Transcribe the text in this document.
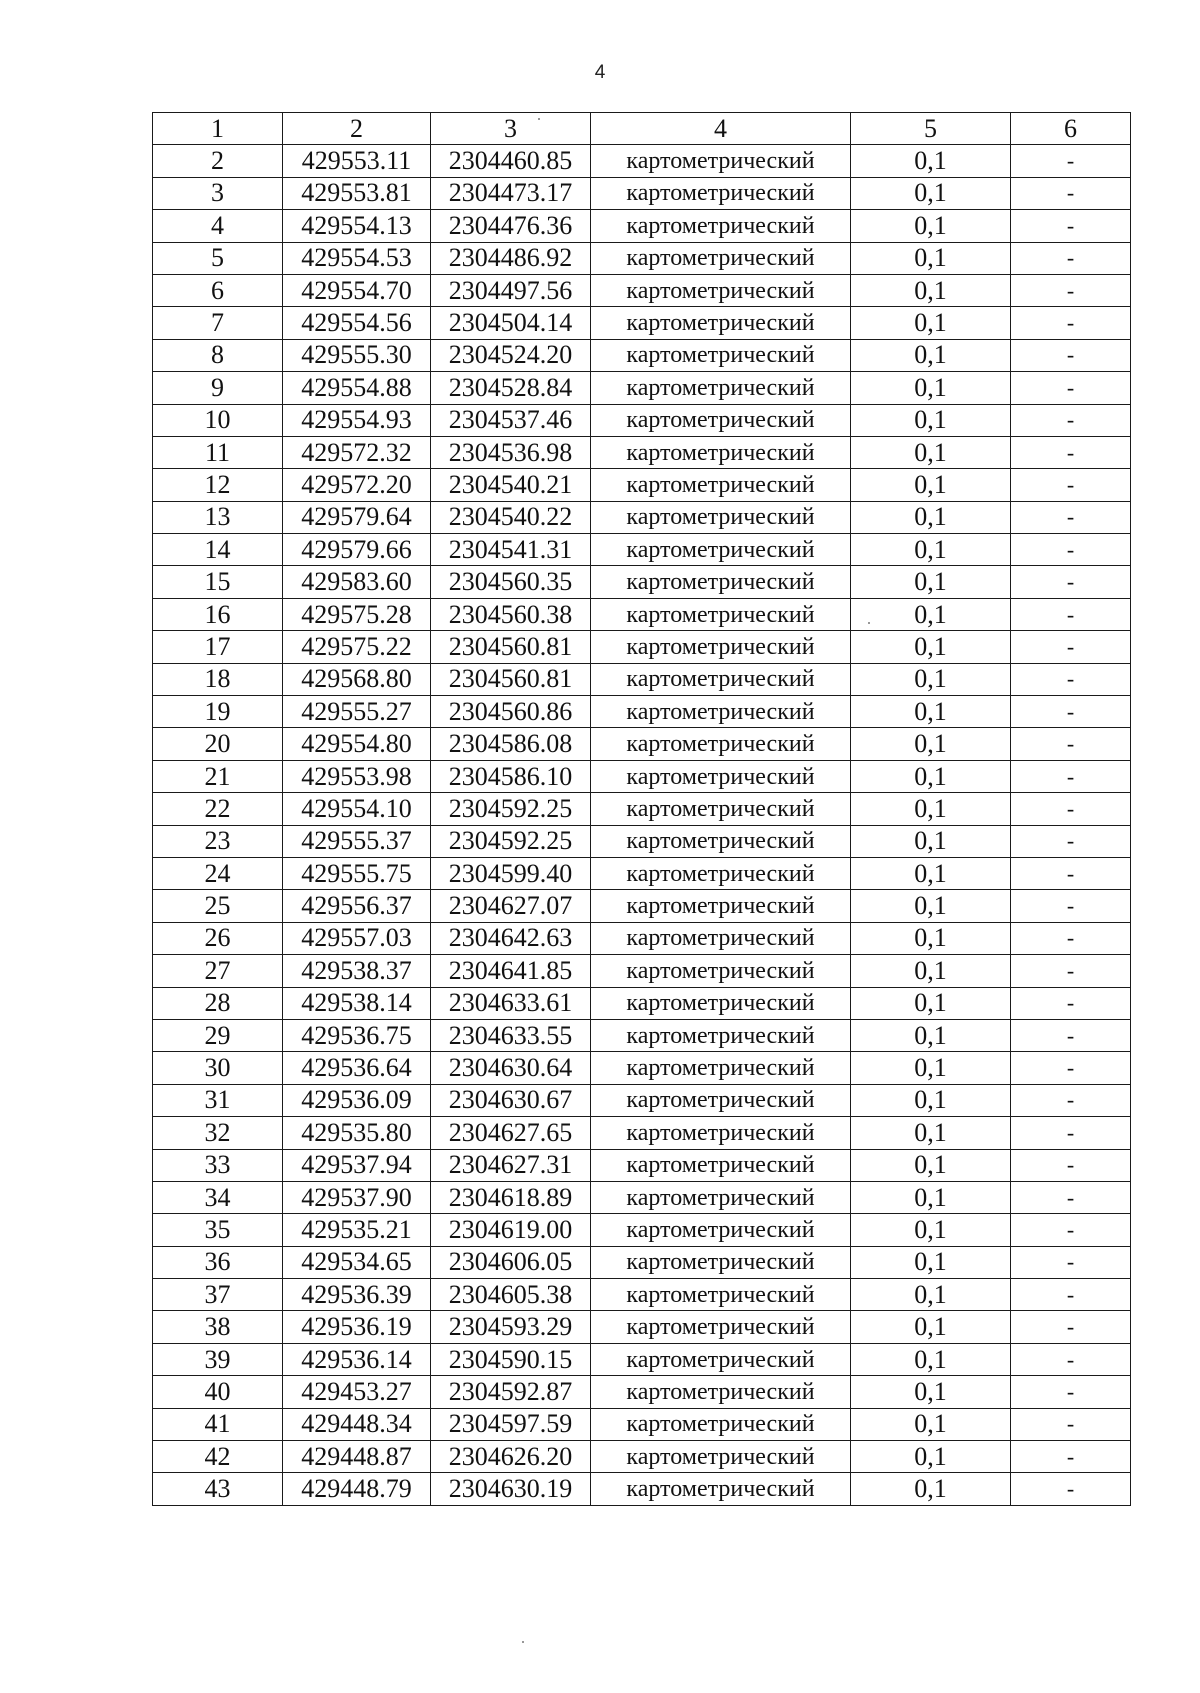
4
1	2	3	4	5	6
2	429553.11	2304460.85	картометрический	0,1	-
3	429553.81	2304473.17	картометрический	0,1	-
4	429554.13	2304476.36	картометрический	0,1	-
5	429554.53	2304486.92	картометрический	0,1	-
6	429554.70	2304497.56	картометрический	0,1	-
7	429554.56	2304504.14	картометрический	0,1	-
8	429555.30	2304524.20	картометрический	0,1	-
9	429554.88	2304528.84	картометрический	0,1	-
10	429554.93	2304537.46	картометрический	0,1	-
11	429572.32	2304536.98	картометрический	0,1	-
12	429572.20	2304540.21	картометрический	0,1	-
13	429579.64	2304540.22	картометрический	0,1	-
14	429579.66	2304541.31	картометрический	0,1	-
15	429583.60	2304560.35	картометрический	0,1	-
16	429575.28	2304560.38	картометрический	0,1	-
17	429575.22	2304560.81	картометрический	0,1	-
18	429568.80	2304560.81	картометрический	0,1	-
19	429555.27	2304560.86	картометрический	0,1	-
20	429554.80	2304586.08	картометрический	0,1	-
21	429553.98	2304586.10	картометрический	0,1	-
22	429554.10	2304592.25	картометрический	0,1	-
23	429555.37	2304592.25	картометрический	0,1	-
24	429555.75	2304599.40	картометрический	0,1	-
25	429556.37	2304627.07	картометрический	0,1	-
26	429557.03	2304642.63	картометрический	0,1	-
27	429538.37	2304641.85	картометрический	0,1	-
28	429538.14	2304633.61	картометрический	0,1	-
29	429536.75	2304633.55	картометрический	0,1	-
30	429536.64	2304630.64	картометрический	0,1	-
31	429536.09	2304630.67	картометрический	0,1	-
32	429535.80	2304627.65	картометрический	0,1	-
33	429537.94	2304627.31	картометрический	0,1	-
34	429537.90	2304618.89	картометрический	0,1	-
35	429535.21	2304619.00	картометрический	0,1	-
36	429534.65	2304606.05	картометрический	0,1	-
37	429536.39	2304605.38	картометрический	0,1	-
38	429536.19	2304593.29	картометрический	0,1	-
39	429536.14	2304590.15	картометрический	0,1	-
40	429453.27	2304592.87	картометрический	0,1	-
41	429448.34	2304597.59	картометрический	0,1	-
42	429448.87	2304626.20	картометрический	0,1	-
43	429448.79	2304630.19	картометрический	0,1	-
